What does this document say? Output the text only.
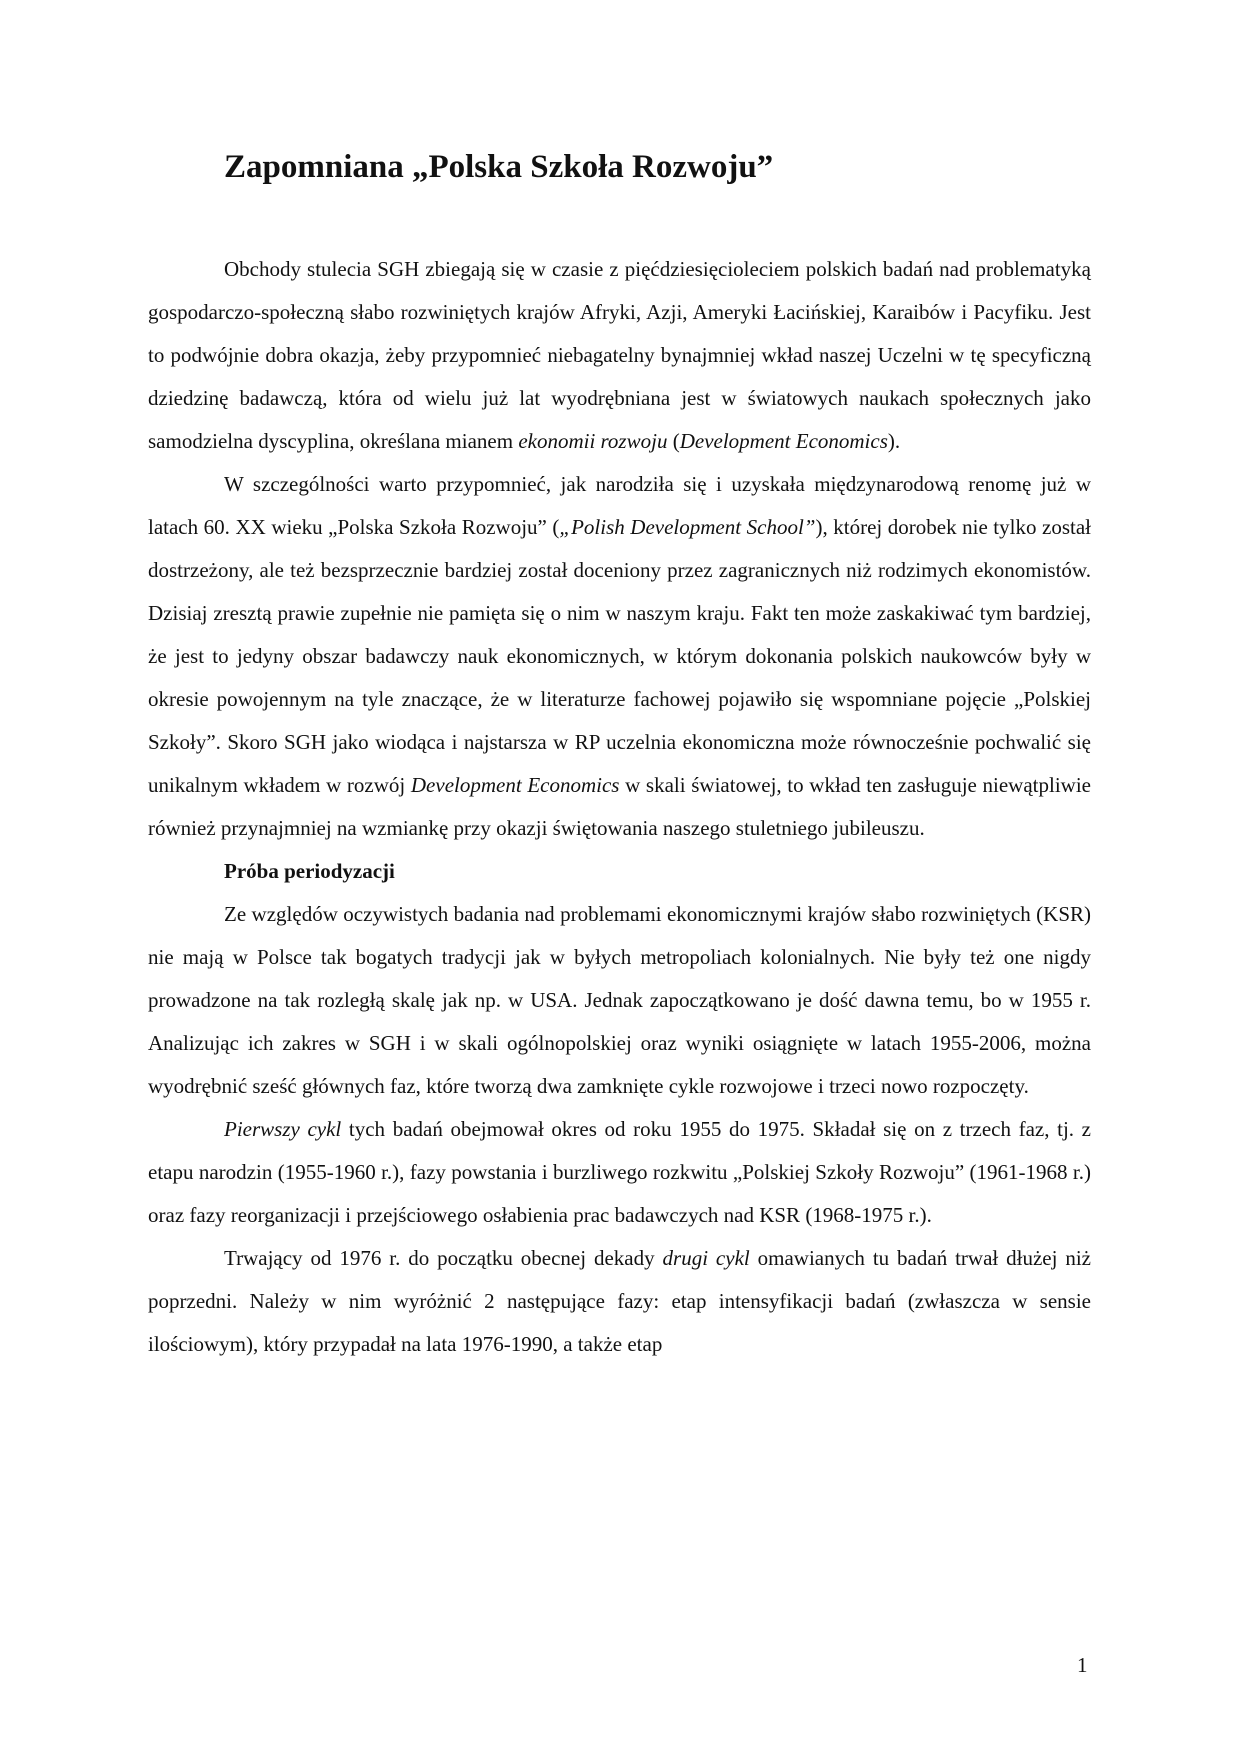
Zapomniana „Polska Szkoła Rozwoju”

Obchody stulecia SGH zbiegają się w czasie z pięćdziesięcioleciem polskich badań nad problematyką gospodarczo-społeczną słabo rozwiniętych krajów Afryki, Azji, Ameryki Łacińskiej, Karaibów i Pacyfiku. Jest to podwójnie dobra okazja, żeby przypomnieć niebagatelny bynajmniej wkład naszej Uczelni w tę specyficzną dziedzinę badawczą, która od wielu już lat wyodrębniana jest w światowych naukach społecznych jako samodzielna dyscyplina, określana mianem ekonomii rozwoju (Development Economics).

W szczególności warto przypomnieć, jak narodziła się i uzyskała międzynarodową renomę już w latach 60. XX wieku „Polska Szkoła Rozwoju” („Polish Development School”), której dorobek nie tylko został dostrzeżony, ale też bezsprzecznie bardziej został doceniony przez zagranicznych niż rodzimych ekonomistów. Dzisiaj zresztą prawie zupełnie nie pamięta się o nim w naszym kraju. Fakt ten może zaskakiwać tym bardziej, że jest to jedyny obszar badawczy nauk ekonomicznych, w którym dokonania polskich naukowców były w okresie powojennym na tyle znaczące, że w literaturze fachowej pojawiło się wspomniane pojęcie „Polskiej Szkoły”. Skoro SGH jako wiodąca i najstarsza w RP uczelnia ekonomiczna może równocześnie pochwalić się unikalnym wkładem w rozwój Development Economics w skali światowej, to wkład ten zasługuje niewątpliwie również przynajmniej na wzmiankę przy okazji świętowania naszego stuletniego jubileuszu.

Próba periodyzacji

Ze względów oczywistych badania nad problemami ekonomicznymi krajów słabo rozwiniętych (KSR) nie mają w Polsce tak bogatych tradycji jak w byłych metropoliach kolonialnych. Nie były też one nigdy prowadzone na tak rozległą skalę jak np. w USA. Jednak zapoczątkowano je dość dawna temu, bo w 1955 r. Analizując ich zakres w SGH i w skali ogólnopolskiej oraz wyniki osiągnięte w latach 1955-2006, można wyodrębnić sześć głównych faz, które tworzą dwa zamknięte cykle rozwojowe i trzeci nowo rozpoczęty.

Pierwszy cykl tych badań obejmował okres od roku 1955 do 1975. Składał się on z trzech faz, tj. z etapu narodzin (1955-1960 r.), fazy powstania i burzliwego rozkwitu „Polskiej Szkoły Rozwoju” (1961-1968 r.) oraz fazy reorganizacji i przejściowego osłabienia prac badawczych nad KSR (1968-1975 r.).

Trwający od 1976 r. do początku obecnej dekady drugi cykl omawianych tu badań trwał dłużej niż poprzedni. Należy w nim wyróżnić 2 następujące fazy: etap intensyfikacji badań (zwłaszcza w sensie ilościowym), który przypadał na lata 1976-1990, a także etap

1
